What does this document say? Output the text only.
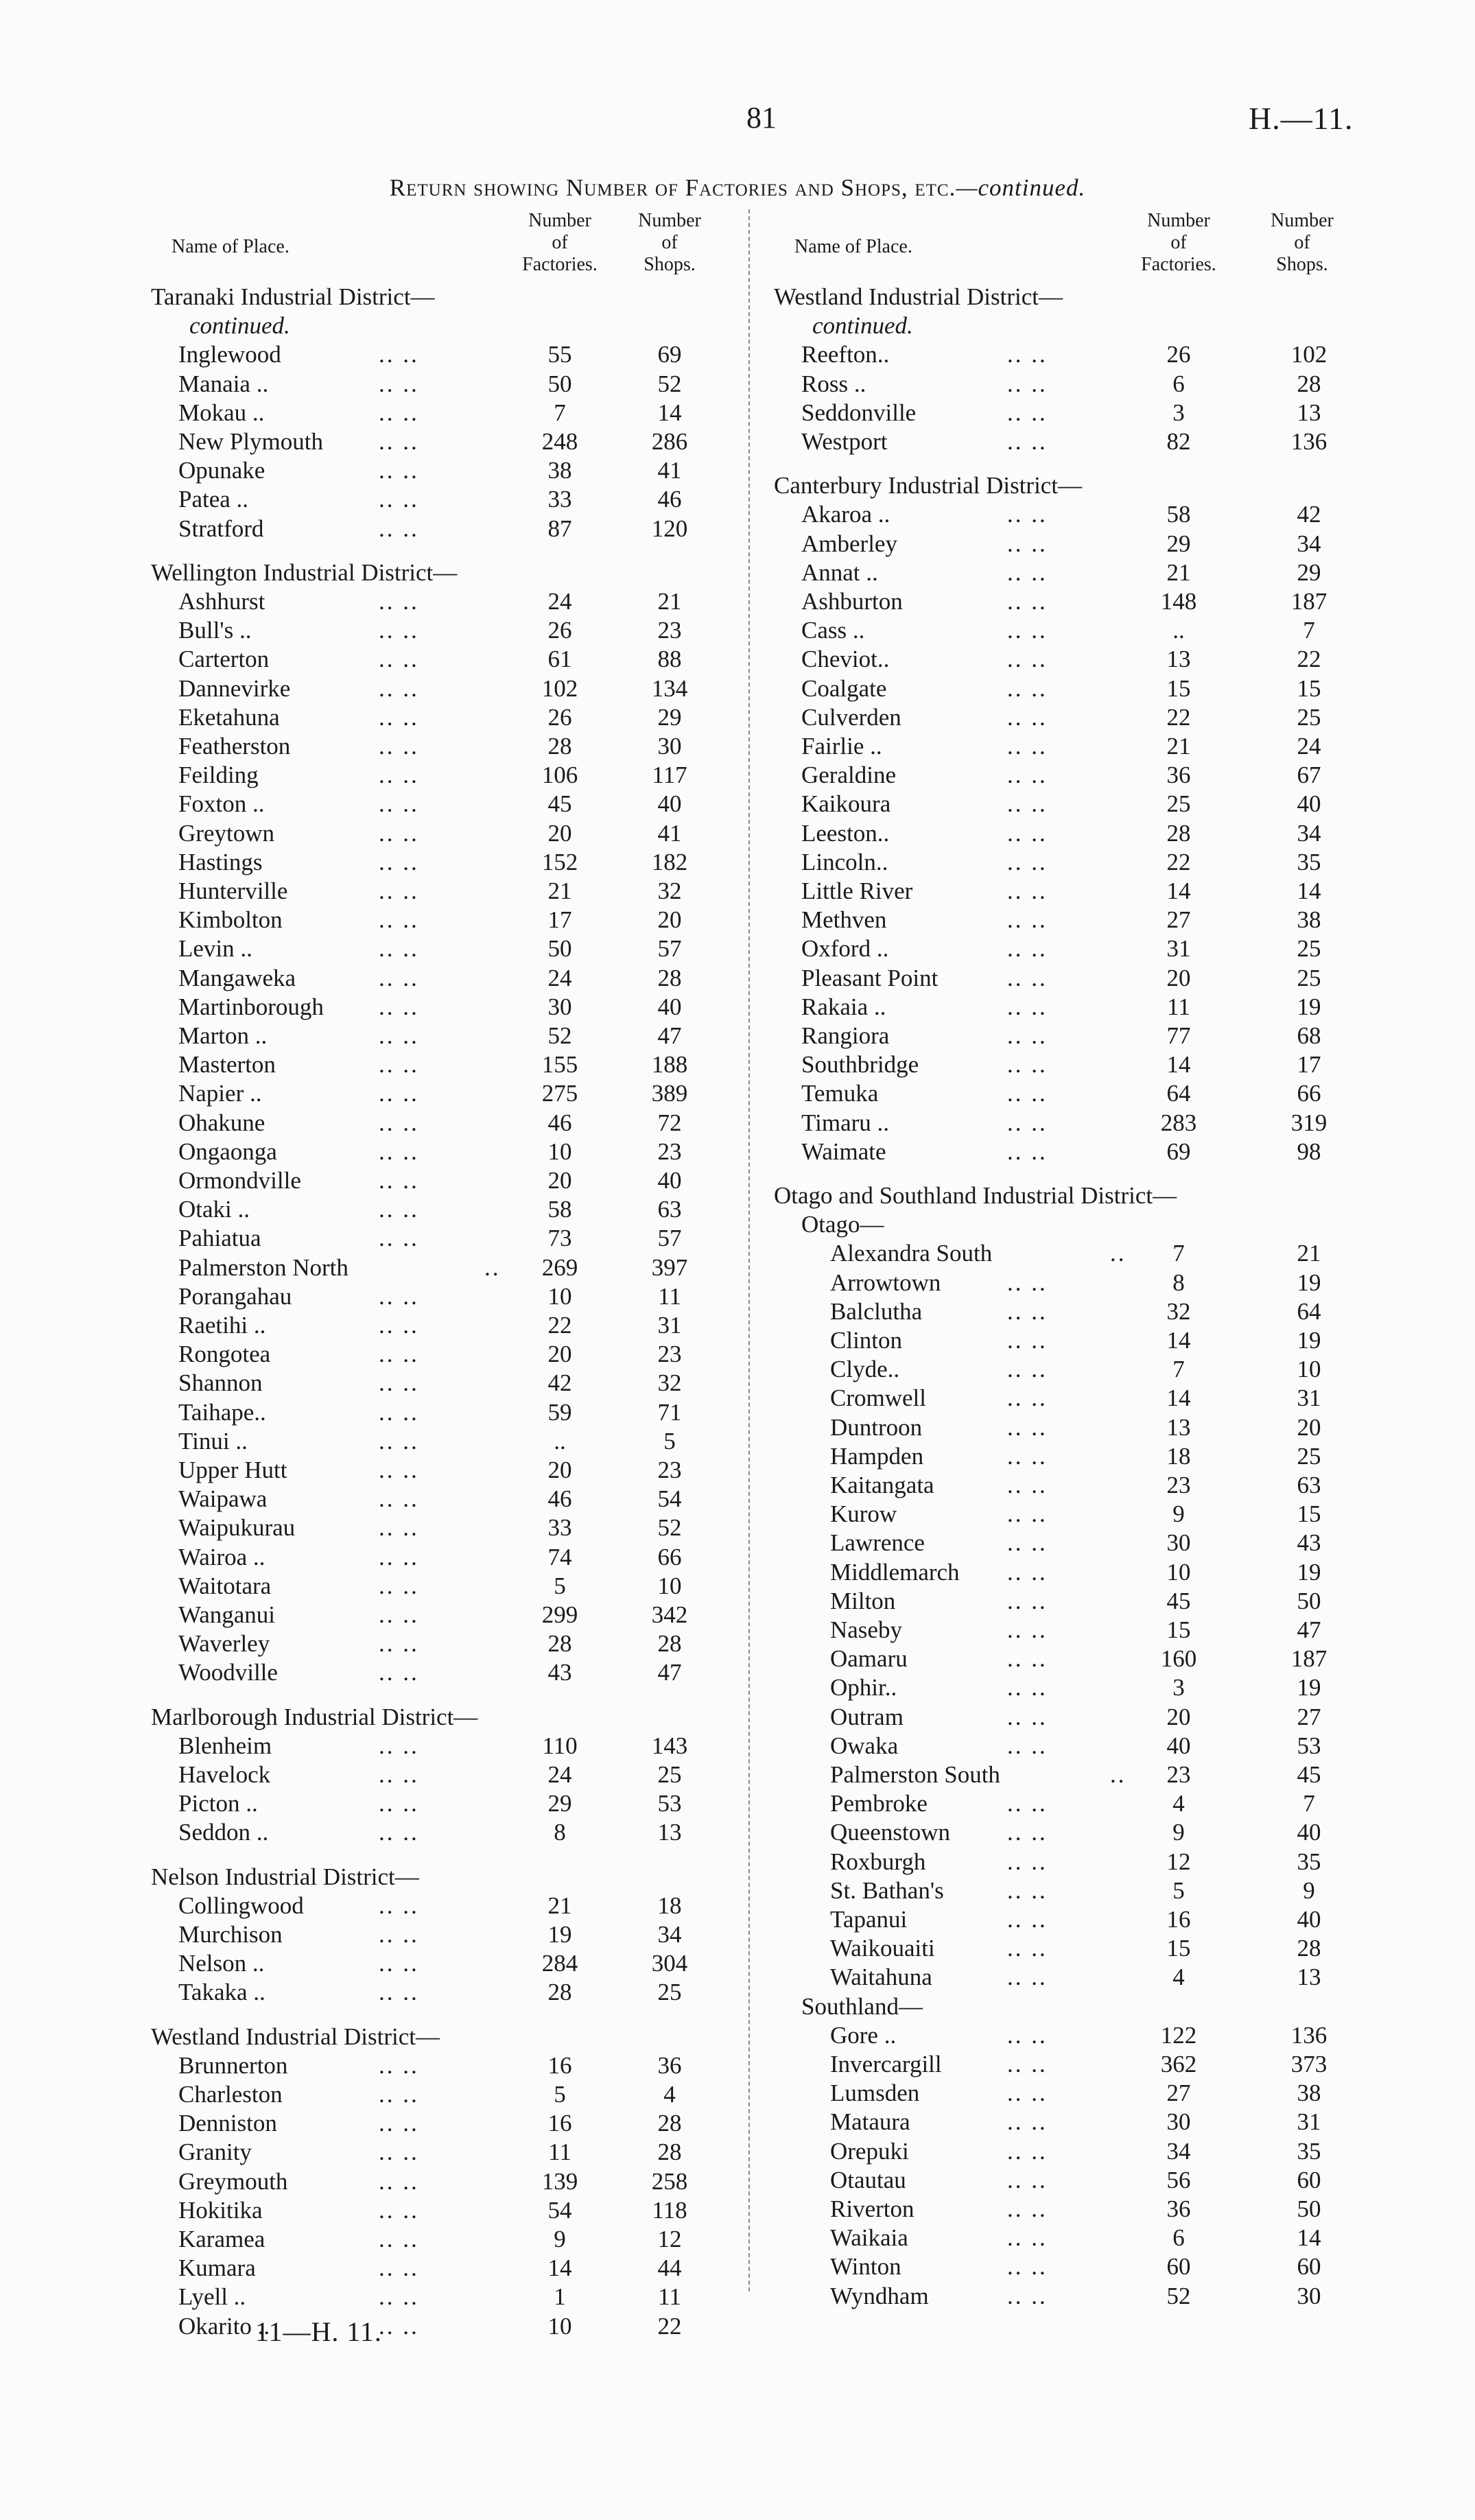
81	H.—11.
Return showing Number of Factories and Shops, etc.—continued.
Name of Place.
Number
of
Factories.
Number
of
Shops.
Taranaki Industrial District—
continued.
Inglewood	.. ..	55	69
Manaia ..	.. ..	50	52
Mokau ..	.. ..	7	14
New Plymouth .. ..	248	286
Opunake	.. ..	38	41
Patea ..	.. ..	33	46
Stratford	.. ..	87	120
Wellington Industrial District—
Ashhurst	.. ..	24	21
Bull's ..	.. ..	26	23
Carterton	.. ..	61	88
Dannevirke	.. ..	102	134
Eketahuna	.. ..	26	29
Featherston	.. ..	28	30
Feilding	.. ..	106	117
Foxton ..	.. ..	45	40
Greytown	.. ..	20	41
Hastings	.. ..	152	182
Hunterville	.. ..	21	32
Kimbolton	.. ..	17	20
Levin ..	.. ..	50	57
Mangaweka	.. ..	24	28
Martinborough .. ..	30	40
Marton ..	.. ..	52	47
Masterton	.. ..	155	188
Napier ..	.. ..	275	389
Ohakune	.. ..	46	72
Ongaonga	.. ..	10	23
Ormondville	.. ..	20	40
Otaki ..	.. ..	58	63
Pahiatua	.. ..	73	57
Palmerston North	..	269	397
Porangahau	.. ..	10	11
Raetihi ..	.. ..	22	31
Rongotea	.. ..	20	23
Shannon	.. ..	42	32
Taihape..	.. ..	59	71
Tinui ..	.. ..	..	5
Upper Hutt	.. ..	20	23
Waipawa	.. ..	46	54
Waipukurau	.. ..	33	52
Wairoa ..	.. ..	74	66
Waitotara	.. ..	5	10
Wanganui	.. ..	299	342
Waverley	.. ..	28	28
Woodville	.. ..	43	47
Marlborough Industrial District—
Blenheim	.. ..	110	143
Havelock	.. ..	24	25
Picton ..	.. ..	29	53
Seddon ..	.. ..	8	13
Nelson Industrial District—
Collingwood	.. ..	21	18
Murchison	.. ..	19	34
Nelson ..	.. ..	284	304
Takaka ..	.. ..	28	25
Westland Industrial District—
Brunnerton	.. ..	16	36
Charleston	.. ..	5	4
Denniston	.. ..	16	28
Granity	.. ..	11	28
Greymouth	.. ..	139	258
Hokitika	.. ..	54	118
Karamea	.. ..	9	12
Kumara	.. ..	14	44
Lyell ..	.. ..	1	11
Okarito ..	.. ..	10	22
Name of Place.
Number
of
Factories.
Number
of
Shops.
Westland Industrial District—
continued.
Reefton..	.. ..	26	102
Ross ..	.. ..	6	28
Seddonville	.. ..	3	13
Westport	.. ..	82	136
Canterbury Industrial District—
Akaroa ..	.. ..	58	42
Amberley	.. ..	29	34
Annat ..	.. ..	21	29
Ashburton	.. ..	148	187
Cass ..	.. ..	..	7
Cheviot..	.. ..	13	22
Coalgate	.. ..	15	15
Culverden	.. ..	22	25
Fairlie ..	.. ..	21	24
Geraldine	.. ..	36	67
Kaikoura	.. ..	25	40
Leeston..	.. ..	28	34
Lincoln..	.. ..	22	35
Little River	.. ..	14	14
Methven	.. ..	27	38
Oxford ..	.. ..	31	25
Pleasant Point	.. ..	20	25
Rakaia ..	.. ..	11	19
Rangiora	.. ..	77	68
Southbridge	.. ..	14	17
Temuka	.. ..	64	66
Timaru ..	.. ..	283	319
Waimate	.. ..	69	98
Otago and Southland Industrial District—
Otago—
Alexandra South	..	7	21
Arrowtown	.. ..	8	19
Balclutha	.. ..	32	64
Clinton	.. ..	14	19
Clyde..	.. ..	7	10
Cromwell	.. ..	14	31
Duntroon	.. ..	13	20
Hampden	.. ..	18	25
Kaitangata	.. ..	23	63
Kurow	.. ..	9	15
Lawrence	.. ..	30	43
Middlemarch .. ..	10	19
Milton	.. ..	45	50
Naseby	.. ..	15	47
Oamaru	.. ..	160	187
Ophir..	.. ..	3	19
Outram	.. ..	20	27
Owaka	.. ..	40	53
Palmerston South	..	23	45
Pembroke	.. ..	4	7
Queenstown .. ..	9	40
Roxburgh	.. ..	12	35
St. Bathan's	.. ..	5	9
Tapanui	.. ..	16	40
Waikouaiti	.. ..	15	28
Waitahuna	.. ..	4	13
Southland—
Gore ..	.. ..	122	136
Invercargill	.. ..	362	373
Lumsden	.. ..	27	38
Mataura	.. ..	30	31
Orepuki	.. ..	34	35
Otautau	.. ..	56	60
Riverton	.. ..	36	50
Waikaia	.. ..	6	14
Winton	.. ..	60	60
Wyndham	.. ..	52	30
11—H. 11.
